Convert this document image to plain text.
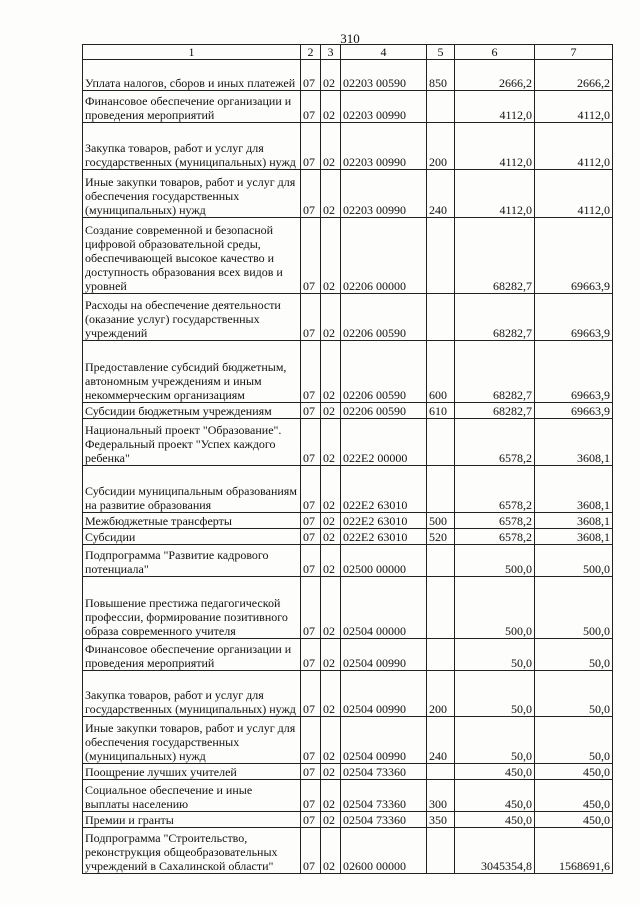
310
1	2	3	4	5	6	7
Уплата налогов, сборов и иных платежей	07	02	02203 00590	850	2666,2	2666,2
Финансовое обеспечение организации и проведения мероприятий	07	02	02203 00990		4112,0	4112,0
Закупка товаров, работ и услуг для государственных (муниципальных) нужд	07	02	02203 00990	200	4112,0	4112,0
Иные закупки товаров, работ и услуг для обеспечения государственных (муниципальных) нужд	07	02	02203 00990	240	4112,0	4112,0
Создание современной и безопасной цифровой образовательной среды, обеспечивающей высокое качество и доступность образования всех видов и уровней	07	02	02206 00000		68282,7	69663,9
Расходы на обеспечение деятельности (оказание услуг) государственных учреждений	07	02	02206 00590		68282,7	69663,9
Предоставление субсидий бюджетным, автономным учреждениям и иным некоммерческим организациям	07	02	02206 00590	600	68282,7	69663,9
Субсидии бюджетным учреждениям	07	02	02206 00590	610	68282,7	69663,9
Национальный проект "Образование". Федеральный проект "Успех каждого ребенка"	07	02	022E2 00000		6578,2	3608,1
Субсидии муниципальным образованиям на развитие образования	07	02	022E2 63010		6578,2	3608,1
Межбюджетные трансферты	07	02	022E2 63010	500	6578,2	3608,1
Субсидии	07	02	022E2 63010	520	6578,2	3608,1
Подпрограмма "Развитие кадрового потенциала"	07	02	02500 00000		500,0	500,0
Повышение престижа педагогической профессии, формирование позитивного образа современного учителя	07	02	02504 00000		500,0	500,0
Финансовое обеспечение организации и проведения мероприятий	07	02	02504 00990		50,0	50,0
Закупка товаров, работ и услуг для государственных (муниципальных) нужд	07	02	02504 00990	200	50,0	50,0
Иные закупки товаров, работ и услуг для обеспечения государственных (муниципальных) нужд	07	02	02504 00990	240	50,0	50,0
Поощрение лучших учителей	07	02	02504 73360		450,0	450,0
Социальное обеспечение и иные выплаты населению	07	02	02504 73360	300	450,0	450,0
Премии и гранты	07	02	02504 73360	350	450,0	450,0
Подпрограмма "Строительство, реконструкция общеобразовательных учреждений в Сахалинской области"	07	02	02600 00000		3045354,8	1568691,6
